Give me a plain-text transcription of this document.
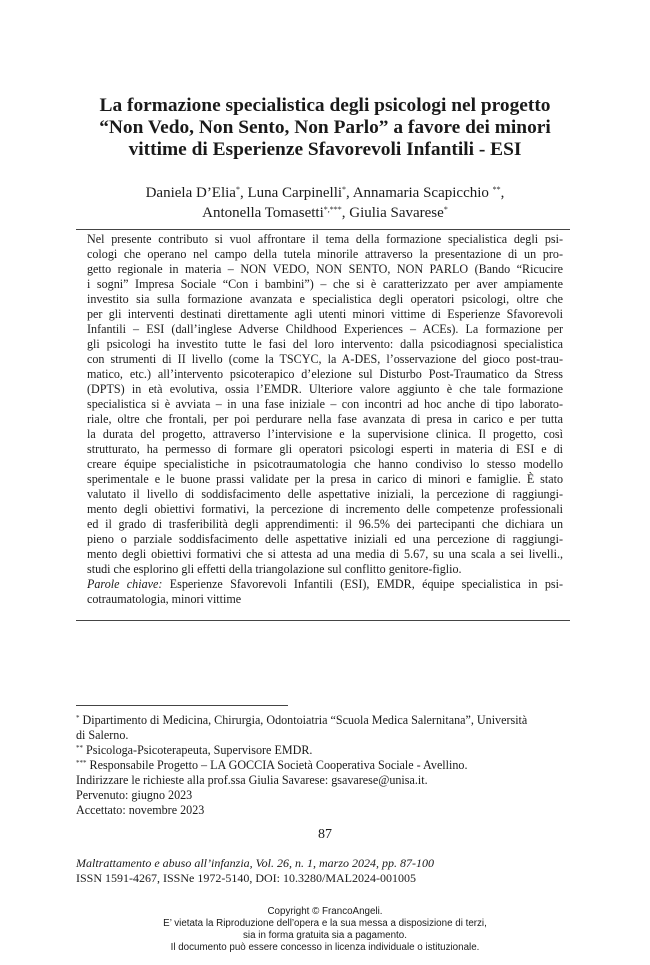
La formazione specialistica degli psicologi nel progetto
“Non Vedo, Non Sento, Non Parlo” a favore dei minori
vittime di Esperienze Sfavorevoli Infantili - ESI
Daniela D’Elia*, Luna Carpinelli*, Annamaria Scapicchio **,
Antonella Tomasetti*,***, Giulia Savarese*
Nel presente contributo si vuol affrontare il tema della formazione specialistica degli psi-
cologi che operano nel campo della tutela minorile attraverso la presentazione di un pro-
getto regionale in materia – NON VEDO, NON SENTO, NON PARLO (Bando “Ricucire
i sogni” Impresa Sociale “Con i bambini”) – che si è caratterizzato per aver ampiamente
investito sia sulla formazione avanzata e specialistica degli operatori psicologi, oltre che
per gli interventi destinati direttamente agli utenti minori vittime di Esperienze Sfavorevoli
Infantili – ESI (dall’inglese Adverse Childhood Experiences – ACEs). La formazione per
gli psicologi ha investito tutte le fasi del loro intervento: dalla psicodiagnosi specialistica
con strumenti di II livello (come la TSCYC, la A-DES, l’osservazione del gioco post-trau-
matico, etc.) all’intervento psicoterapico d’elezione sul Disturbo Post-Traumatico da Stress
(DPTS) in età evolutiva, ossia l’EMDR. Ulteriore valore aggiunto è che tale formazione
specialistica si è avviata – in una fase iniziale – con incontri ad hoc anche di tipo laborato-
riale, oltre che frontali, per poi perdurare nella fase avanzata di presa in carico e per tutta
la durata del progetto, attraverso l’intervisione e la supervisione clinica. Il progetto, così
strutturato, ha permesso di formare gli operatori psicologi esperti in materia di ESI e di
creare équipe specialistiche in psicotraumatologia che hanno condiviso lo stesso modello
sperimentale e le buone prassi validate per la presa in carico di minori e famiglie. È stato
valutato il livello di soddisfacimento delle aspettative iniziali, la percezione di raggiungi-
mento degli obiettivi formativi, la percezione di incremento delle competenze professionali
ed il grado di trasferibilità degli apprendimenti: il 96.5% dei partecipanti che dichiara un
pieno o parziale soddisfacimento delle aspettative iniziali ed una percezione di raggiungi-
mento degli obiettivi formativi che si attesta ad una media di 5.67, su una scala a sei livelli.,
studi che esplorino gli effetti della triangolazione sul conflitto genitore-figlio.
Parole chiave: Esperienze Sfavorevoli Infantili (ESI), EMDR, équipe specialistica in psi-
cotraumatologia, minori vittime
* Dipartimento di Medicina, Chirurgia, Odontoiatria “Scuola Medica Salernitana”, Università
di Salerno.
** Psicologa-Psicoterapeuta, Supervisore EMDR.
*** Responsabile Progetto – LA GOCCIA Società Cooperativa Sociale - Avellino.
Indirizzare le richieste alla prof.ssa Giulia Savarese: gsavarese@unisa.it.
Pervenuto: giugno 2023
Accettato: novembre 2023
87
Maltrattamento e abuso all’infanzia, Vol. 26, n. 1, marzo 2024, pp. 87-100
ISSN 1591-4267, ISSNe 1972-5140, DOI: 10.3280/MAL2024-001005
Copyright © FrancoAngeli.
E’ vietata la Riproduzione dell’opera e la sua messa a disposizione di terzi,
sia in forma gratuita sia a pagamento.
Il documento può essere concesso in licenza individuale o istituzionale.
